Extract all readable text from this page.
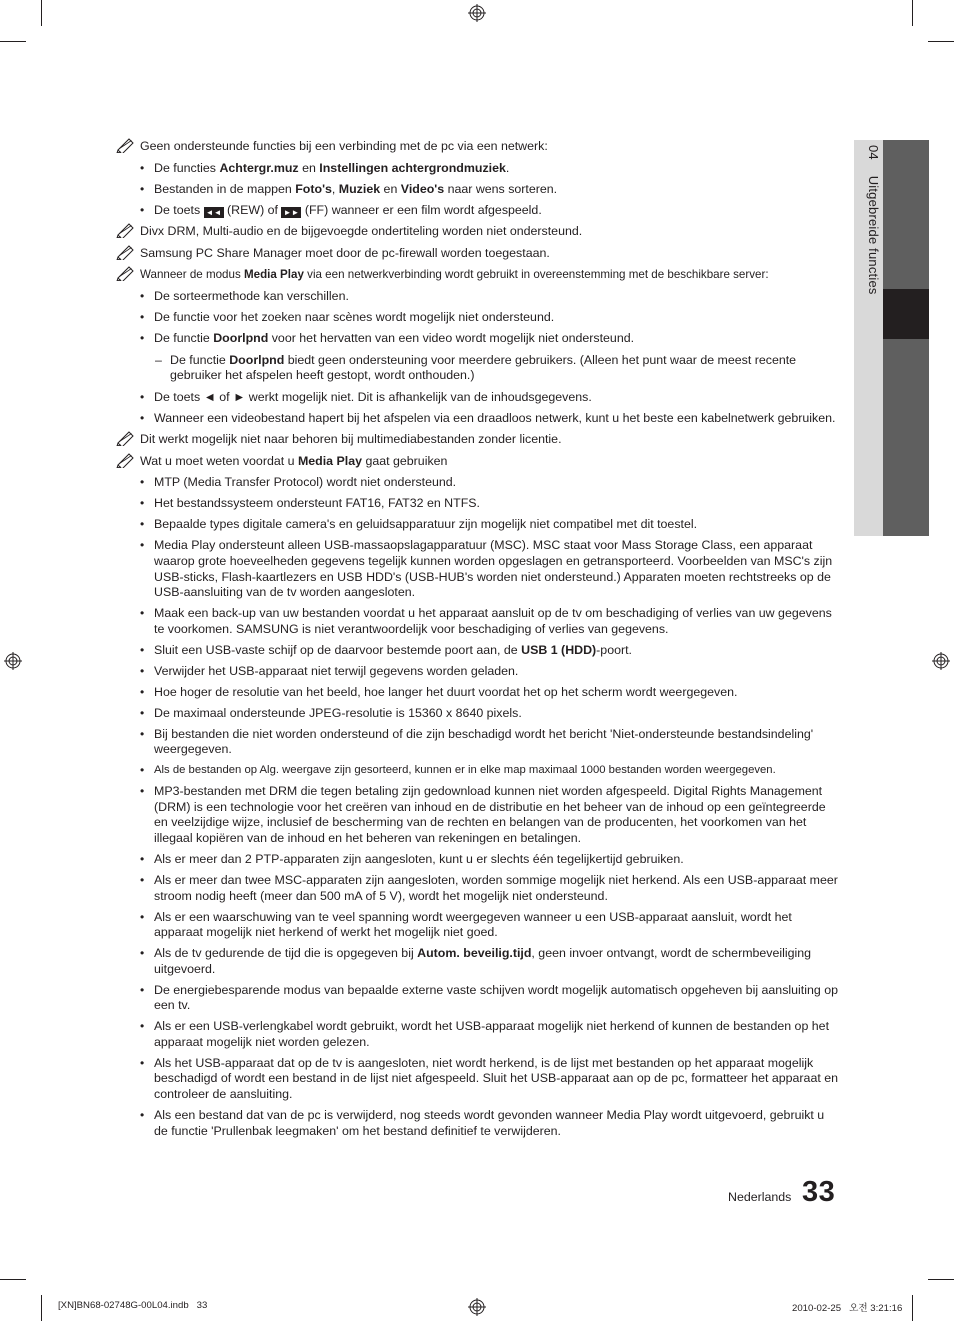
04 Uitgebreide functies
Geen ondersteunde functies bij een verbinding met de pc via een netwerk:
• De functies Achtergr.muz en Instellingen achtergrondmuziek.
• Bestanden in de mappen Foto's, Muziek en Video's naar wens sorteren.
• De toets ◄◄ (REW) of ►► (FF) wanneer er een film wordt afgespeeld.
Divx DRM, Multi-audio en de bijgevoegde ondertiteling worden niet ondersteund.
Samsung PC Share Manager moet door de pc-firewall worden toegestaan.
Wanneer de modus Media Play via een netwerkverbinding wordt gebruikt in overeenstemming met de beschikbare server:
• De sorteermethode kan verschillen.
• De functie voor het zoeken naar scènes wordt mogelijk niet ondersteund.
• De functie Doorlpnd voor het hervatten van een video wordt mogelijk niet ondersteund.
– De functie Doorlpnd biedt geen ondersteuning voor meerdere gebruikers. (Alleen het punt waar de meest recente gebruiker het afspelen heeft gestopt, wordt onthouden.)
• De toets ◄ of ► werkt mogelijk niet. Dit is afhankelijk van de inhoudsgegevens.
• Wanneer een videobestand hapert bij het afspelen via een draadloos netwerk, kunt u het beste een kabelnetwerk gebruiken.
Dit werkt mogelijk niet naar behoren bij multimediabestanden zonder licentie.
Wat u moet weten voordat u Media Play gaat gebruiken
• MTP (Media Transfer Protocol) wordt niet ondersteund.
• Het bestandssysteem ondersteunt FAT16, FAT32 en NTFS.
• Bepaalde types digitale camera's en geluidsapparatuur zijn mogelijk niet compatibel met dit toestel.
• Media Play ondersteunt alleen USB-massaopslagapparatuur (MSC). MSC staat voor Mass Storage Class, een apparaat waarop grote hoeveelheden gegevens tegelijk kunnen worden opgeslagen en getransporteerd. Voorbeelden van MSC's zijn USB-sticks, Flash-kaartlezers en USB HDD's (USB-HUB's worden niet ondersteund.) Apparaten moeten rechtstreeks op de USB-aansluiting van de tv worden aangesloten.
• Maak een back-up van uw bestanden voordat u het apparaat aansluit op de tv om beschadiging of verlies van uw gegevens te voorkomen. SAMSUNG is niet verantwoordelijk voor beschadiging of verlies van gegevens.
• Sluit een USB-vaste schijf op de daarvoor bestemde poort aan, de USB 1 (HDD)-poort.
• Verwijder het USB-apparaat niet terwijl gegevens worden geladen.
• Hoe hoger de resolutie van het beeld, hoe langer het duurt voordat het op het scherm wordt weergegeven.
• De maximaal ondersteunde JPEG-resolutie is 15360 x 8640 pixels.
• Bij bestanden die niet worden ondersteund of die zijn beschadigd wordt het bericht 'Niet-ondersteunde bestandsindeling' weergegeven.
• Als de bestanden op Alg. weergave zijn gesorteerd, kunnen er in elke map maximaal 1000 bestanden worden weergegeven.
• MP3-bestanden met DRM die tegen betaling zijn gedownload kunnen niet worden afgespeeld. Digital Rights Management (DRM) is een technologie voor het creëren van inhoud en de distributie en het beheer van de inhoud op een geïntegreerde en veelzijdige wijze, inclusief de bescherming van de rechten en belangen van de producenten, het voorkomen van het illegaal kopiëren van de inhoud en het beheren van rekeningen en betalingen.
• Als er meer dan 2 PTP-apparaten zijn aangesloten, kunt u er slechts één tegelijkertijd gebruiken.
• Als er meer dan twee MSC-apparaten zijn aangesloten, worden sommige mogelijk niet herkend. Als een USB-apparaat meer stroom nodig heeft (meer dan 500 mA of 5 V), wordt het mogelijk niet ondersteund.
• Als er een waarschuwing van te veel spanning wordt weergegeven wanneer u een USB-apparaat aansluit, wordt het apparaat mogelijk niet herkend of werkt het mogelijk niet goed.
• Als de tv gedurende de tijd die is opgegeven bij Autom. beveilig.tijd, geen invoer ontvangt, wordt de schermbeveiliging uitgevoerd.
• De energiebesparende modus van bepaalde externe vaste schijven wordt mogelijk automatisch opgeheven bij aansluiting op een tv.
• Als er een USB-verlengkabel wordt gebruikt, wordt het USB-apparaat mogelijk niet herkend of kunnen de bestanden op het apparaat mogelijk niet worden gelezen.
• Als het USB-apparaat dat op de tv is aangesloten, niet wordt herkend, is de lijst met bestanden op het apparaat mogelijk beschadigd of wordt een bestand in de lijst niet afgespeeld. Sluit het USB-apparaat aan op de pc, formatteer het apparaat en controleer de aansluiting.
• Als een bestand dat van de pc is verwijderd, nog steeds wordt gevonden wanneer Media Play wordt uitgevoerd, gebruikt u de functie 'Prullenbak leegmaken' om het bestand definitief te verwijderen.
Nederlands 33
[XN]BN68-02748G-00L04.indb   33	2010-02-25   오전 3:21:16
